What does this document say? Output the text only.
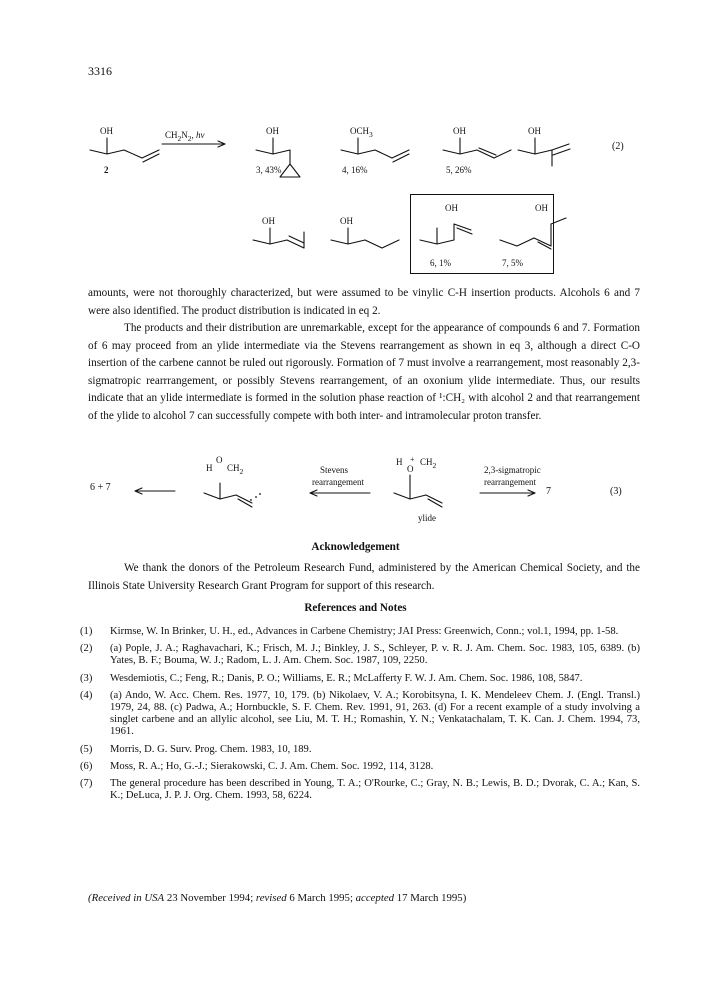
3316
OH	$CH_2N_2$, hν
2
OH
3, 43%
$OCH_3$
4, 16%
OH
5, 26%
OH
(2)
OH	OH
OH	OH
6, 1%	7, 5%
amounts, were not thoroughly characterized, but were assumed to be vinylic C-H insertion products. Alcohols 6 and 7 were also identified. The product distribution is indicated in eq 2.
The products and their distribution are unremarkable, except for the appearance of compounds 6 and 7. Formation of 6 may proceed from an ylide intermediate via the Stevens rearrangement as shown in eq 3, although a direct C-O insertion of the carbene cannot be ruled out rigorously. Formation of 7 must involve a rearrangement, most reasonably 2,3-sigmatropic rearrrangement, or possibly Stevens rearrangement, of an oxonium ylide intermediate. Thus, our results indicate that an ylide intermediate is formed in the solution phase reaction of ¹:CH₂ with alcohol 2 and that rearrangement of the ylide to alcohol 7 can successfully compete with both inter- and intramolecular proton transfer.
6 + 7
H
O
$CH_2$	Stevens
rearrangement
H
O
+ $CH_2$	2,3-sigmatropic
rearrangement
7	(3)
ylide
Acknowledgement
We thank the donors of the Petroleum Research Fund, administered by the American Chemical Society, and the Illinois State University Research Grant Program for support of this research.
References and Notes
(1)	Kirmse, W. In Brinker, U. H., ed., Advances in Carbene Chemistry; JAI Press: Greenwich, Conn.; vol.1, 1994, pp. 1-58.
(2)	(a) Pople, J. A.; Raghavachari, K.; Frisch, M. J.; Binkley, J. S., Schleyer, P. v. R. J. Am. Chem. Soc. 1983, 105, 6389. (b) Yates, B. F.; Bouma, W. J.; Radom, L. J. Am. Chem. Soc. 1987, 109, 2250.
(3)	Wesdemiotis, C.; Feng, R.; Danis, P. O.; Williams, E. R.; McLafferty F. W. J. Am. Chem. Soc. 1986, 108, 5847.
(4)	(a) Ando, W. Acc. Chem. Res. 1977, 10, 179. (b) Nikolaev, V. A.; Korobitsyna, I. K. Mendeleev Chem. J. (Engl. Transl.) 1979, 24, 88. (c) Padwa, A.; Hornbuckle, S. F. Chem. Rev. 1991, 91, 263. (d) For a recent example of a study involving a singlet carbene and an allylic alcohol, see Liu, M. T. H.; Romashin, Y. N.; Venkatachalam, T. K. Can. J. Chem. 1994, 73, 1961.
(5)	Morris, D. G. Surv. Prog. Chem. 1983, 10, 189.
(6)	Moss, R. A.; Ho, G.-J.; Sierakowski, C. J. Am. Chem. Soc. 1992, 114, 3128.
(7)	The general procedure has been described in Young, T. A.; O'Rourke, C.; Gray, N. B.; Lewis, B. D.; Dvorak, C. A.; Kan, S. K.; DeLuca, J. P. J. Org. Chem. 1993, 58, 6224.
(Received in USA 23 November 1994; revised 6 March 1995; accepted 17 March 1995)
